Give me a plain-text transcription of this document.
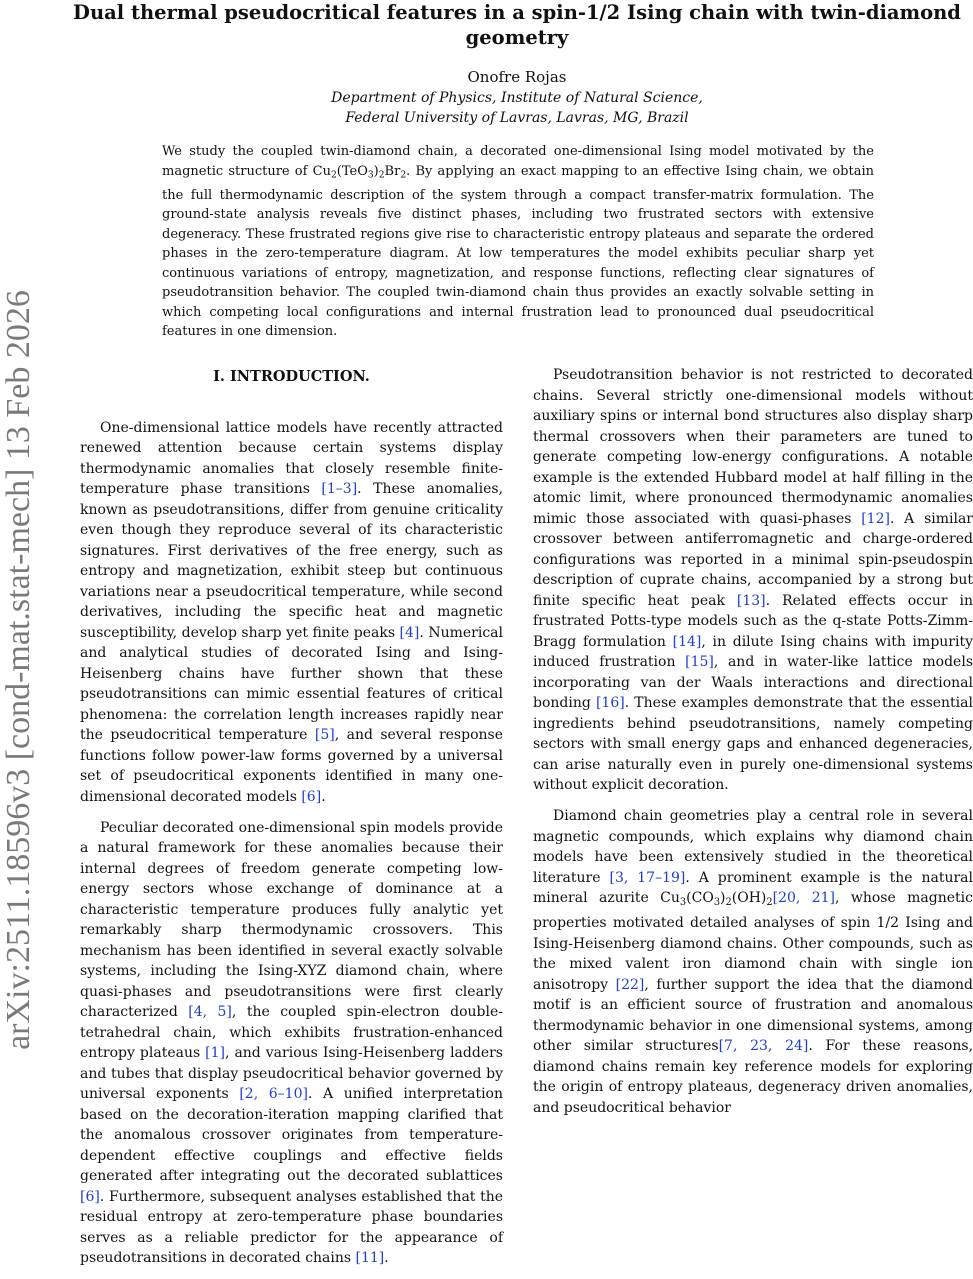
arXiv:2511.18596v3 [cond-mat.stat-mech] 13 Feb 2026
Dual thermal pseudocritical features in a spin-1/2 Ising chain with twin-diamond geometry
Onofre Rojas
Department of Physics, Institute of Natural Science,
Federal University of Lavras, Lavras, MG, Brazil

We study the coupled twin-diamond chain, a decorated one-dimensional Ising model motivated by the magnetic structure of $Cu_2(TeO_3)_2Br_2$. By applying an exact mapping to an effective Ising chain, we obtain the full thermodynamic description of the system through a compact transfer-matrix formulation. The ground-state analysis reveals five distinct phases, including two frustrated sectors with extensive degeneracy. These frustrated regions give rise to characteristic entropy plateaus and separate the ordered phases in the zero-temperature diagram. At low temperatures the model exhibits peculiar sharp yet continuous variations of entropy, magnetization, and response functions, reflecting clear signatures of pseudotransition behavior. The coupled twin-diamond chain thus provides an exactly solvable setting in which competing local configurations and internal frustration lead to pronounced dual pseudocritical features in one dimension.

I. INTRODUCTION.

One-dimensional lattice models have recently attracted renewed attention because certain systems display thermodynamic anomalies that closely resemble finite-temperature phase transitions [1–3]. These anomalies, known as pseudotransitions, differ from genuine criticality even though they reproduce several of its characteristic signatures. First derivatives of the free energy, such as entropy and magnetization, exhibit steep but continuous variations near a pseudocritical temperature, while second derivatives, including the specific heat and magnetic susceptibility, develop sharp yet finite peaks [4]. Numerical and analytical studies of decorated Ising and Ising-Heisenberg chains have further shown that these pseudotransitions can mimic essential features of critical phenomena: the correlation length increases rapidly near the pseudocritical temperature [5], and several response functions follow power-law forms governed by a universal set of pseudocritical exponents identified in many one-dimensional decorated models [6].

Peculiar decorated one-dimensional spin models provide a natural framework for these anomalies because their internal degrees of freedom generate competing low-energy sectors whose exchange of dominance at a characteristic temperature produces fully analytic yet remarkably sharp thermodynamic crossovers. This mechanism has been identified in several exactly solvable systems, including the Ising-XYZ diamond chain, where quasi-phases and pseudotransitions were first clearly characterized [4, 5], the coupled spin-electron double-tetrahedral chain, which exhibits frustration-enhanced entropy plateaus [1], and various Ising-Heisenberg ladders and tubes that display pseudocritical behavior governed by universal exponents [2, 6–10]. A unified interpretation based on the decoration-iteration mapping clarified that the anomalous crossover originates from temperature-dependent effective couplings and effective fields generated after integrating out the decorated sublattices [6]. Furthermore, subsequent analyses established that the residual entropy at zero-temperature phase boundaries serves as a reliable predictor for the appearance of pseudotransitions in decorated chains [11].

Pseudotransition behavior is not restricted to decorated chains. Several strictly one-dimensional models without auxiliary spins or internal bond structures also display sharp thermal crossovers when their parameters are tuned to generate competing low-energy configurations. A notable example is the extended Hubbard model at half filling in the atomic limit, where pronounced thermodynamic anomalies mimic those associated with quasi-phases [12]. A similar crossover between antiferromagnetic and charge-ordered configurations was reported in a minimal spin-pseudospin description of cuprate chains, accompanied by a strong but finite specific heat peak [13]. Related effects occur in frustrated Potts-type models such as the q-state Potts-Zimm-Bragg formulation [14], in dilute Ising chains with impurity induced frustration [15], and in water-like lattice models incorporating van der Waals interactions and directional bonding [16]. These examples demonstrate that the essential ingredients behind pseudotransitions, namely competing sectors with small energy gaps and enhanced degeneracies, can arise naturally even in purely one-dimensional systems without explicit decoration.

Diamond chain geometries play a central role in several magnetic compounds, which explains why diamond chain models have been extensively studied in the theoretical literature [3, 17–19]. A prominent example is the natural mineral azurite $Cu_3(CO_3)_2(OH)_2[20$, 21], whose magnetic properties motivated detailed analyses of spin 1/2 Ising and Ising-Heisenberg diamond chains. Other compounds, such as the mixed valent iron diamond chain with single ion anisotropy [22], further support the idea that the diamond motif is an efficient source of frustration and anomalous thermodynamic behavior in one dimensional systems, among other similar structures[7, 23, 24]. For these reasons, diamond chains remain key reference models for exploring the origin of entropy plateaus, degeneracy driven anomalies, and pseudocritical behavior
